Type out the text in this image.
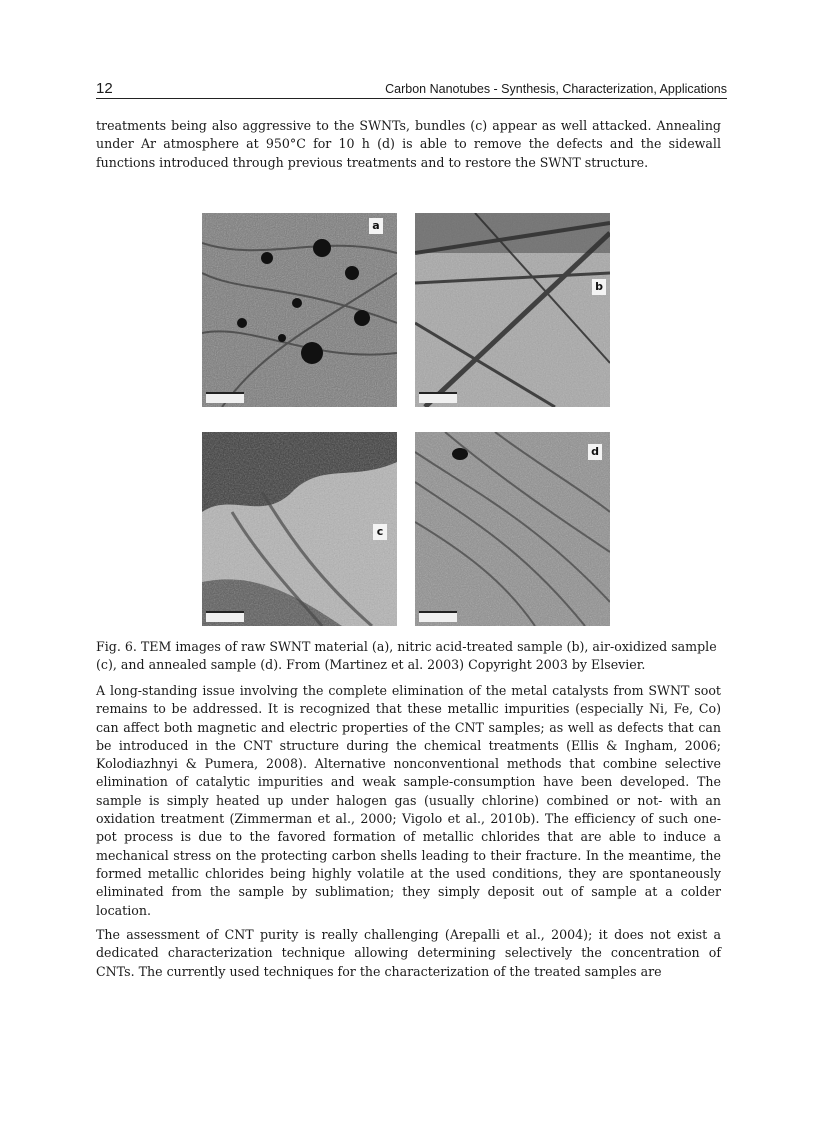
12	Carbon Nanotubes - Synthesis, Characterization, Applications

treatments being also aggressive to the SWNTs, bundles (c) appear as well attacked. Annealing under Ar atmosphere at 950°C for 10 h (d) is able to remove the defects and the sidewall functions introduced through previous treatments and to restore the SWNT structure.

a
b
c
d

Fig. 6. TEM images of raw SWNT material (a), nitric acid-treated sample (b), air-oxidized sample (c), and annealed sample (d). From (Martinez et al. 2003) Copyright 2003 by Elsevier.

A long-standing issue involving the complete elimination of the metal catalysts from SWNT soot remains to be addressed. It is recognized that these metallic impurities (especially Ni, Fe, Co) can affect both magnetic and electric properties of the CNT samples; as well as defects that can be introduced in the CNT structure during the chemical treatments (Ellis & Ingham, 2006; Kolodiazhnyi & Pumera, 2008). Alternative nonconventional methods that combine selective elimination of catalytic impurities and weak sample-consumption have been developed. The sample is simply heated up under halogen gas (usually chlorine) combined or not- with an oxidation treatment (Zimmerman et al., 2000; Vigolo et al., 2010b). The efficiency of such one-pot process is due to the favored formation of metallic chlorides that are able to induce a mechanical stress on the protecting carbon shells leading to their fracture. In the meantime, the formed metallic chlorides being highly volatile at the used conditions, they are spontaneously eliminated from the sample by sublimation; they simply deposit out of sample at a colder location.

The assessment of CNT purity is really challenging (Arepalli et al., 2004); it does not exist a dedicated characterization technique allowing determining selectively the concentration of CNTs. The currently used techniques for the characterization of the treated samples are
